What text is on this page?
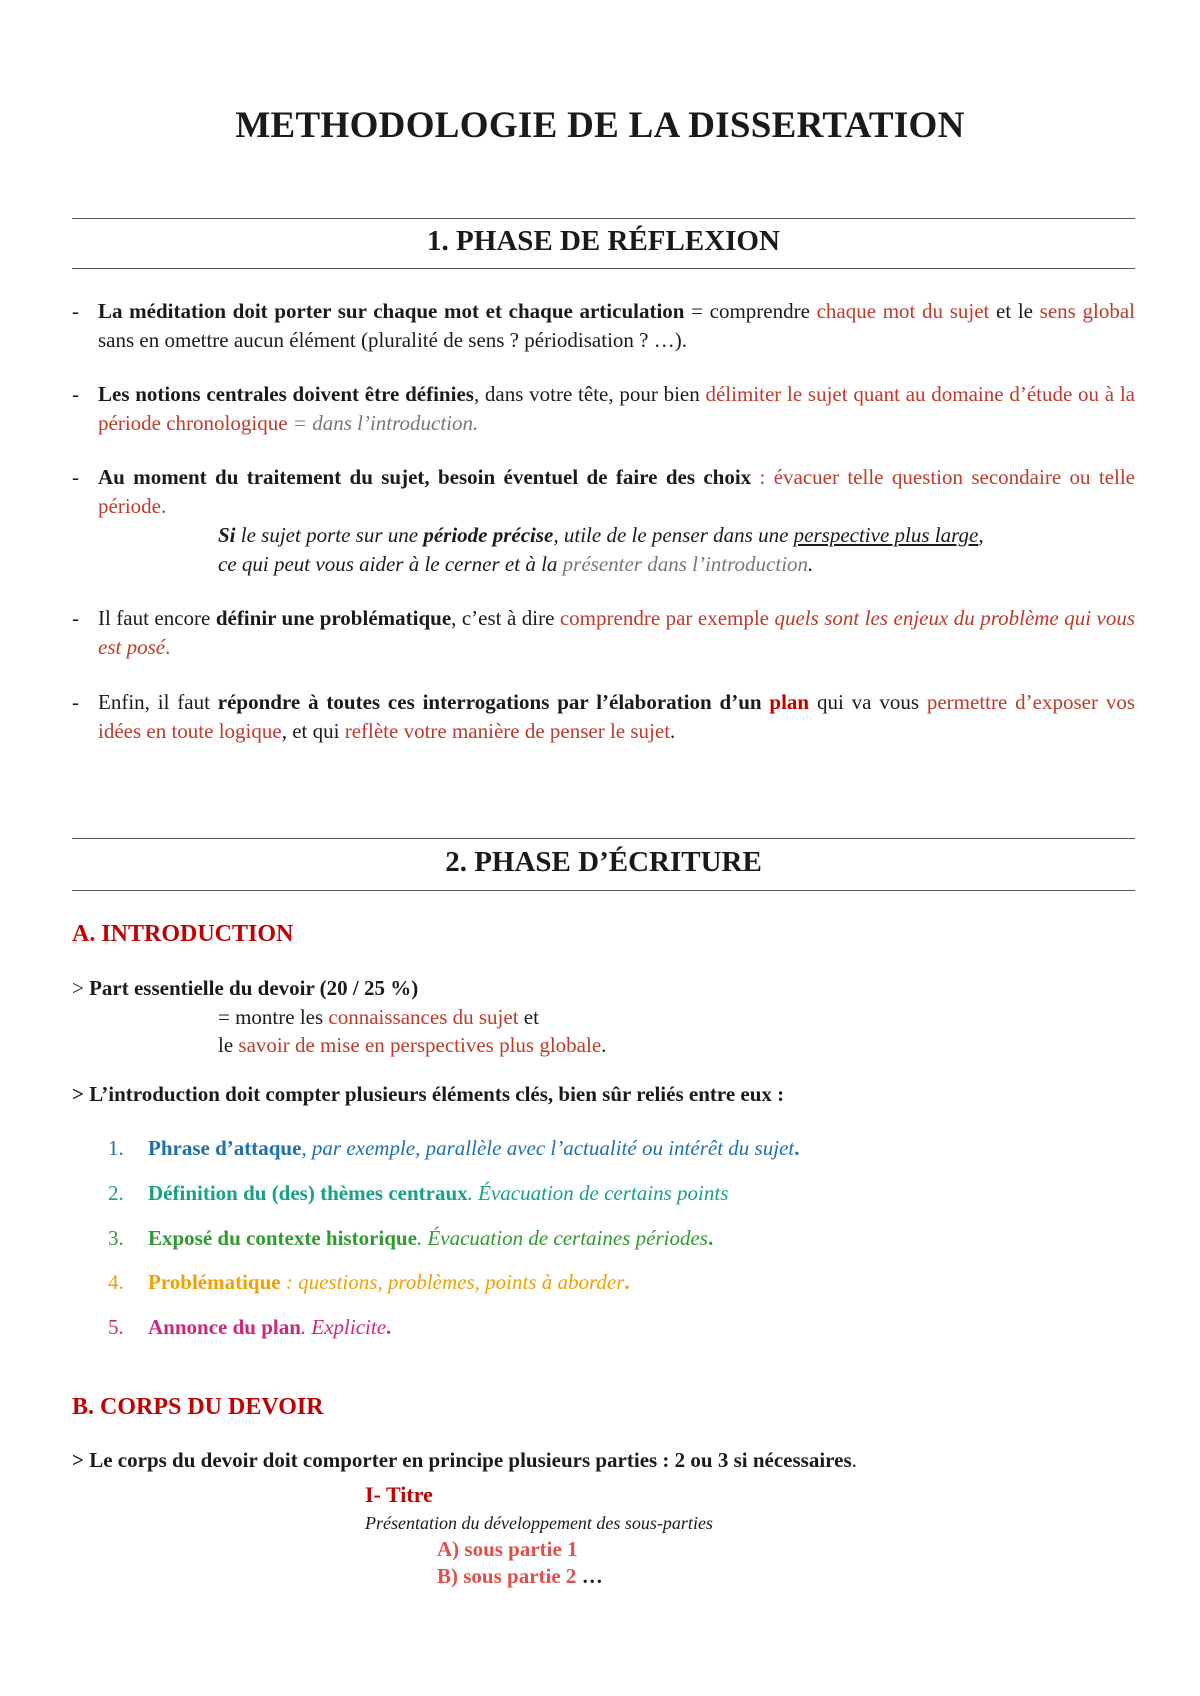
METHODOLOGIE DE LA DISSERTATION
1. PHASE DE RÉFLEXION
- La méditation doit porter sur chaque mot et chaque articulation = comprendre chaque mot du sujet et le sens global sans en omettre aucun élément (pluralité de sens ? périodisation ? …).
- Les notions centrales doivent être définies, dans votre tête, pour bien délimiter le sujet quant au domaine d’étude ou à la période chronologique = dans l’introduction.
- Au moment du traitement du sujet, besoin éventuel de faire des choix : évacuer telle question secondaire ou telle période.
Si le sujet porte sur une période précise, utile de le penser dans une perspective plus large,
ce qui peut vous aider à le cerner et à la présenter dans l’introduction.
- Il faut encore définir une problématique, c’est à dire comprendre par exemple quels sont les enjeux du problème qui vous est posé.
- Enfin, il faut répondre à toutes ces interrogations par l’élaboration d’un plan qui va vous permettre d’exposer vos idées en toute logique, et qui reflète votre manière de penser le sujet.
2. PHASE D’ÉCRITURE
A. INTRODUCTION
> Part essentielle du devoir (20 / 25 %)
= montre les connaissances du sujet et
le savoir de mise en perspectives plus globale.
> L’introduction doit compter plusieurs éléments clés, bien sûr reliés entre eux :
1. Phrase d’attaque, par exemple, parallèle avec l’actualité ou intérêt du sujet.
2. Définition du (des) thèmes centraux. Évacuation de certains points
3. Exposé du contexte historique. Évacuation de certaines périodes.
4. Problématique : questions, problèmes, points à aborder.
5. Annonce du plan. Explicite.
B. CORPS DU DEVOIR
> Le corps du devoir doit comporter en principe plusieurs parties : 2 ou 3 si nécessaires.
I- Titre
Présentation du développement des sous-parties
A) sous partie 1
B) sous partie 2 …
